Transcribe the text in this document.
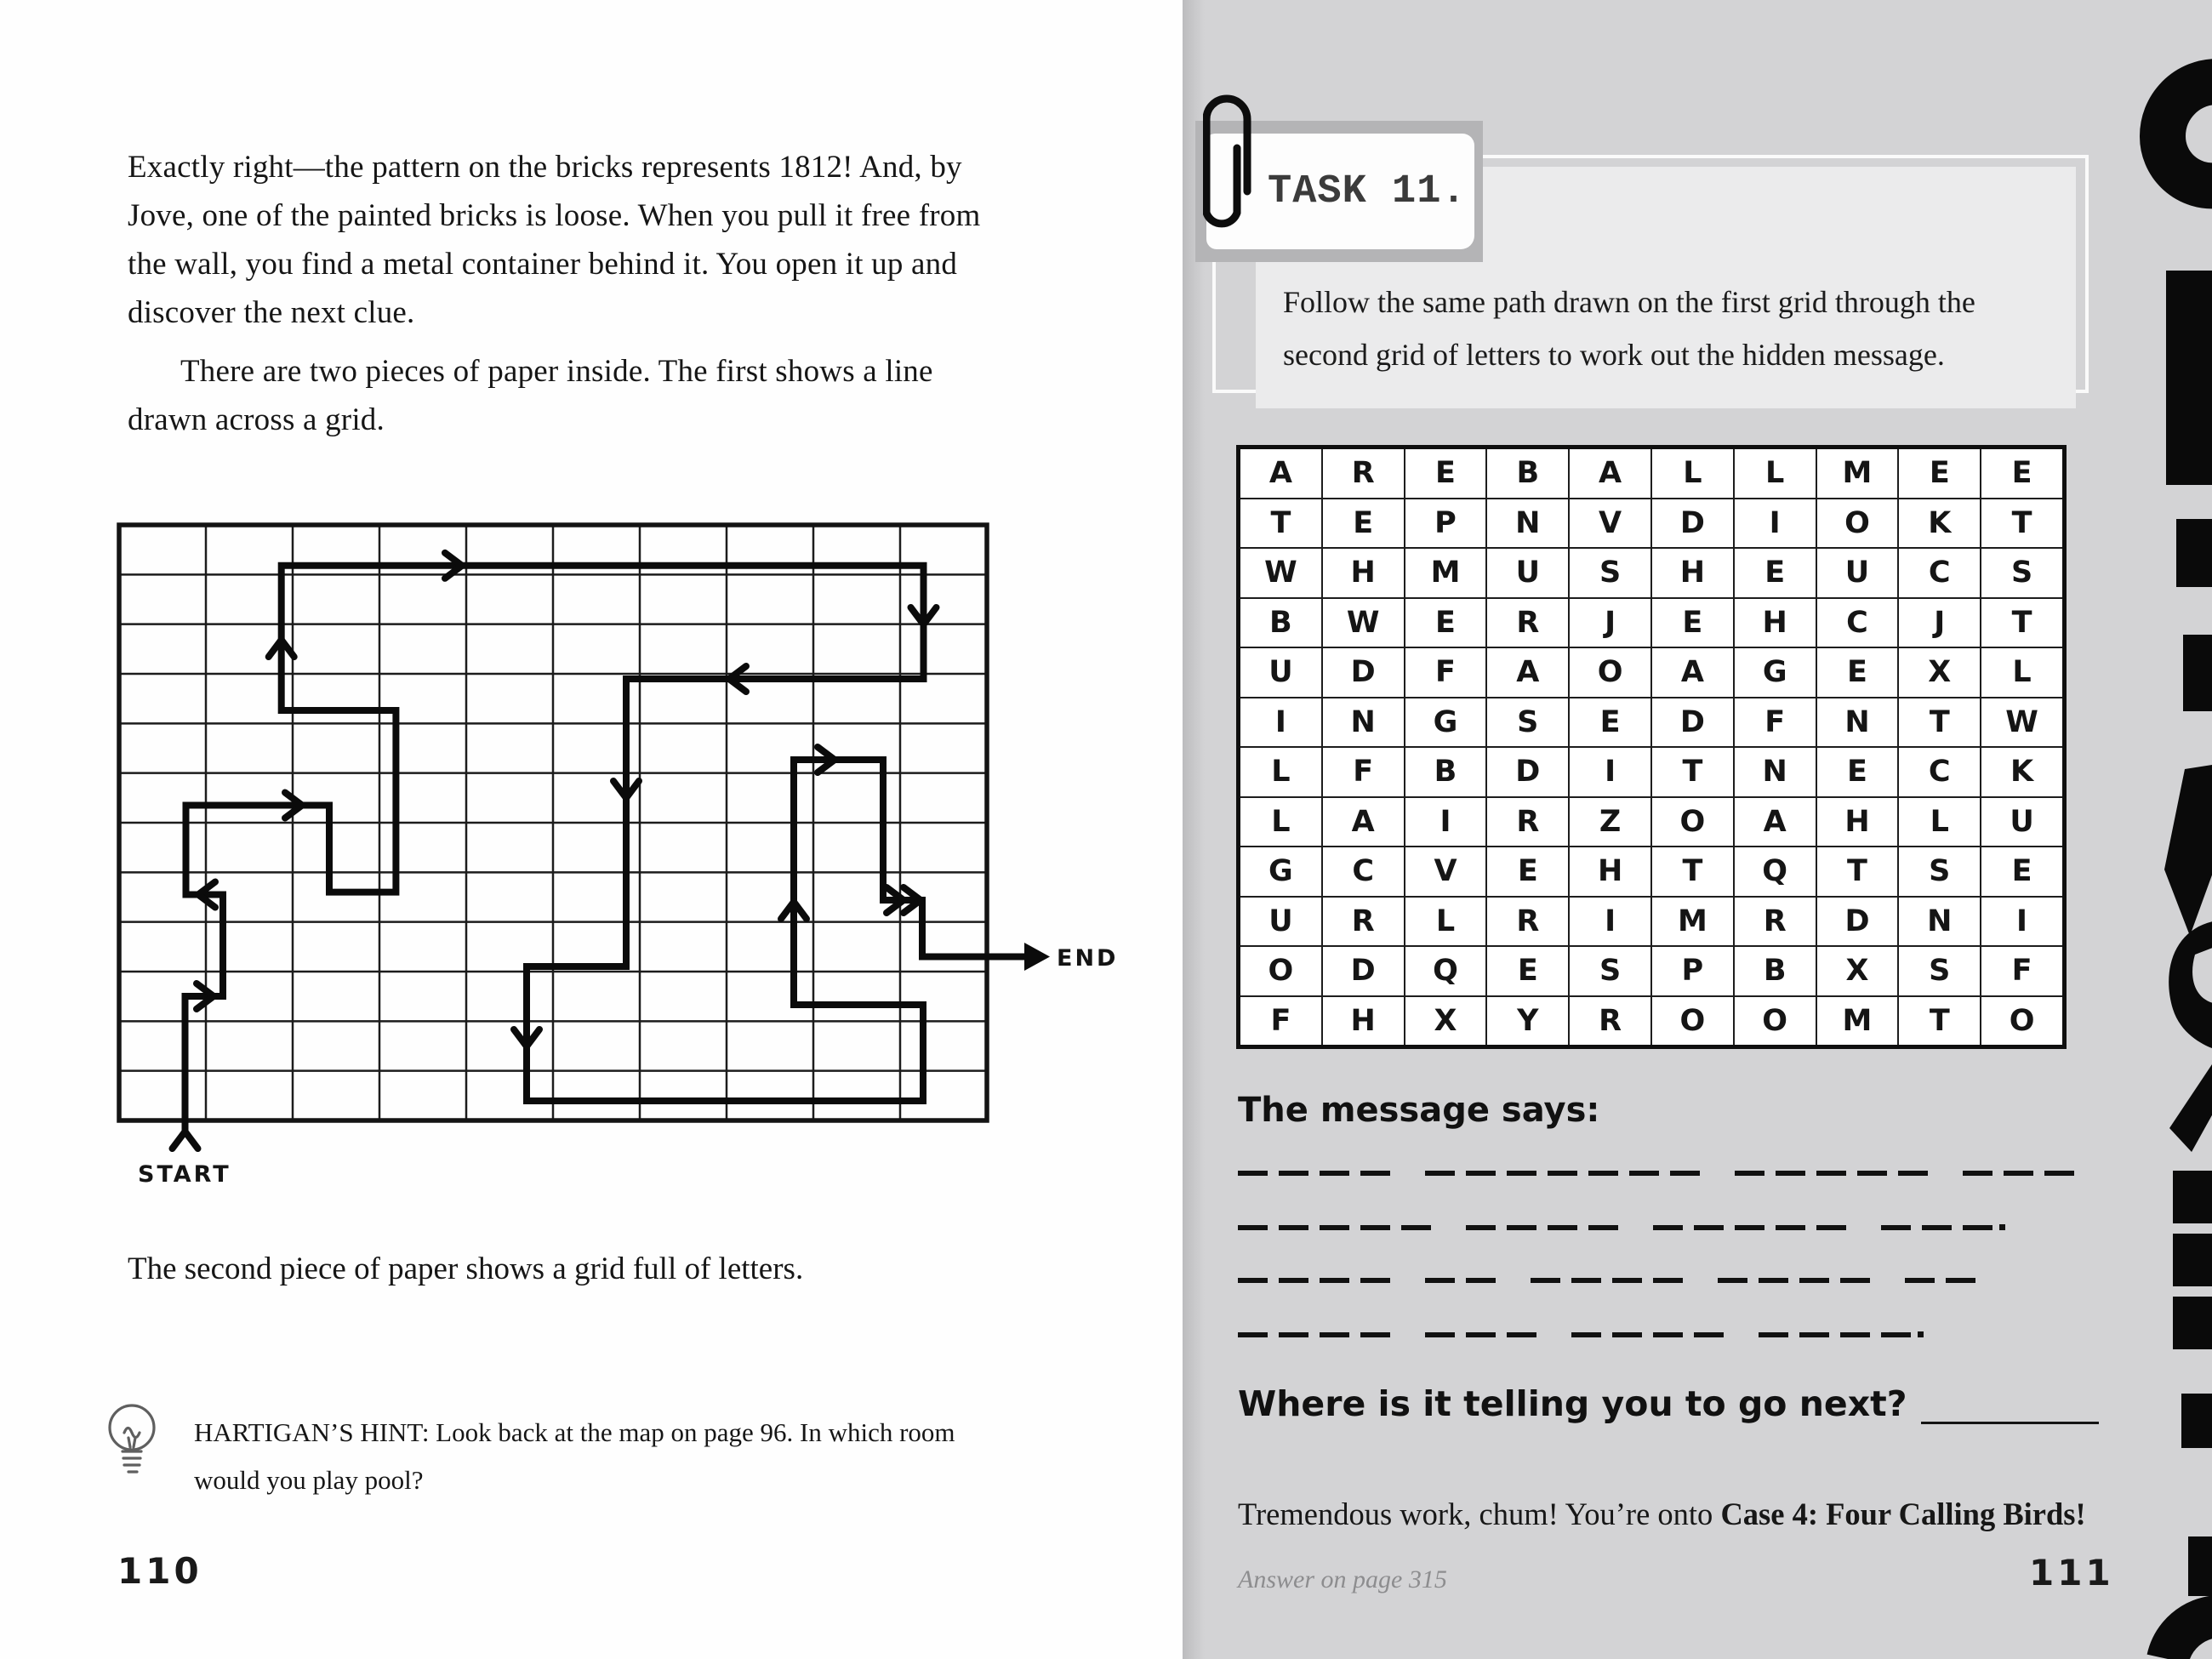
Exactly right—the pattern on the bricks represents 1812! And, by
Jove, one of the painted bricks is loose. When you pull it free from
the wall, you find a metal container behind it. You open it up and
discover the next clue.
There are two pieces of paper inside. The first shows a line
drawn across a grid.
START
END
The second piece of paper shows a grid full of letters.
HARTIGAN’S HINT: Look back at the map on page 96. In which room
would you play pool?
110
Follow the same path drawn on the first grid through the
second grid of letters to work out the hidden message.
TASK 11.
A	R	E	B	A	L	L	M	E	E
T	E	P	N	V	D	I	O	K	T
W	H	M	U	S	H	E	U	C	S
B	W	E	R	J	E	H	C	J	T
U	D	F	A	O	A	G	E	X	L
I	N	G	S	E	D	F	N	T	W
L	F	B	D	I	T	N	E	C	K
L	A	I	R	Z	O	A	H	L	U
G	C	V	E	H	T	Q	T	S	E
U	R	L	R	I	M	R	D	N	I
O	D	Q	E	S	P	B	X	S	F
F	H	X	Y	R	O	O	M	T	O
The message says:
Where is it telling you to go next?
Tremendous work, chum! You’re onto Case 4: Four Calling Birds!
Answer on page 315	111
